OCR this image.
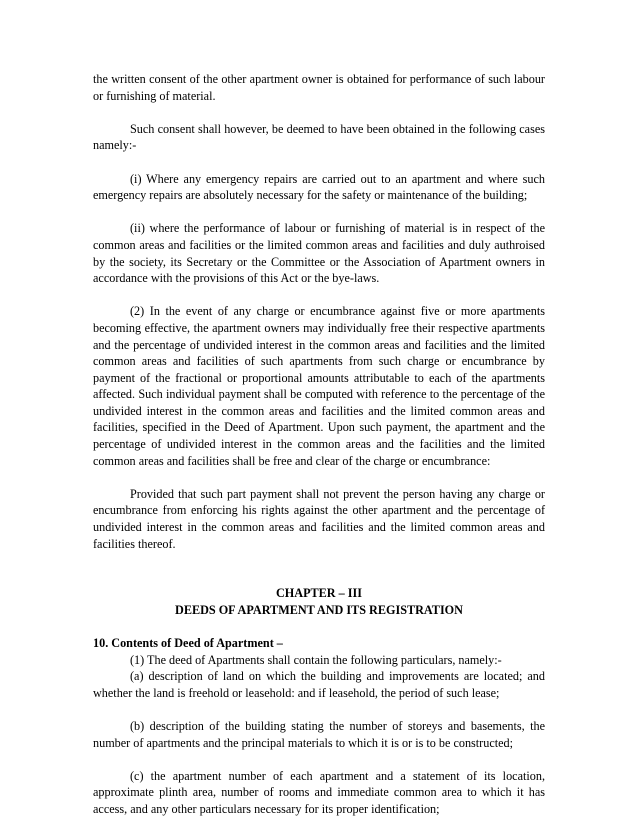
the written consent of the other apartment owner is obtained for performance of such labour or furnishing of material.

Such consent shall however, be deemed to have been obtained in the following cases namely:-

(i) Where any emergency repairs are carried out to an apartment and where such emergency repairs are absolutely necessary for the safety or maintenance of the building;

(ii) where the performance of labour or furnishing of material is in respect of the common areas and facilities or the limited common areas and facilities and duly authroised by the society, its Secretary or the Committee or the Association of Apartment owners in accordance with the provisions of this Act or the bye-laws.

(2) In the event of any charge or encumbrance against five or more apartments becoming effective, the apartment owners may individually free their respective apartments and the percentage of undivided interest in the common areas and facilities and the limited common areas and facilities of such apartments from such charge or encumbrance by payment of the fractional or proportional amounts attributable to each of the apartments affected. Such individual payment shall be computed with reference to the percentage of the undivided interest in the common areas and facilities and the limited common areas and facilities, specified in the Deed of Apartment. Upon such payment, the apartment and the percentage of undivided interest in the common areas and the facilities and the limited common areas and facilities shall be free and clear of the charge or encumbrance:

Provided that such part payment shall not prevent the person having any charge or encumbrance from enforcing his rights against the other apartment and the percentage of undivided interest in the common areas and facilities and the limited common areas and facilities thereof.

CHAPTER – III
DEEDS OF APARTMENT AND ITS REGISTRATION

10. Contents of Deed of Apartment –

(1) The deed of Apartments shall contain the following particulars, namely:-

(a) description of land on which the building and improvements are located; and whether the land is freehold or leasehold: and if leasehold, the period of such lease;

(b) description of the building stating the number of storeys and basements, the number of apartments and the principal materials to which it is or is to be constructed;

(c) the apartment number of each apartment and a statement of its location, approximate plinth area, number of rooms and immediate common area to which it has access, and any other particulars necessary for its proper identification;
